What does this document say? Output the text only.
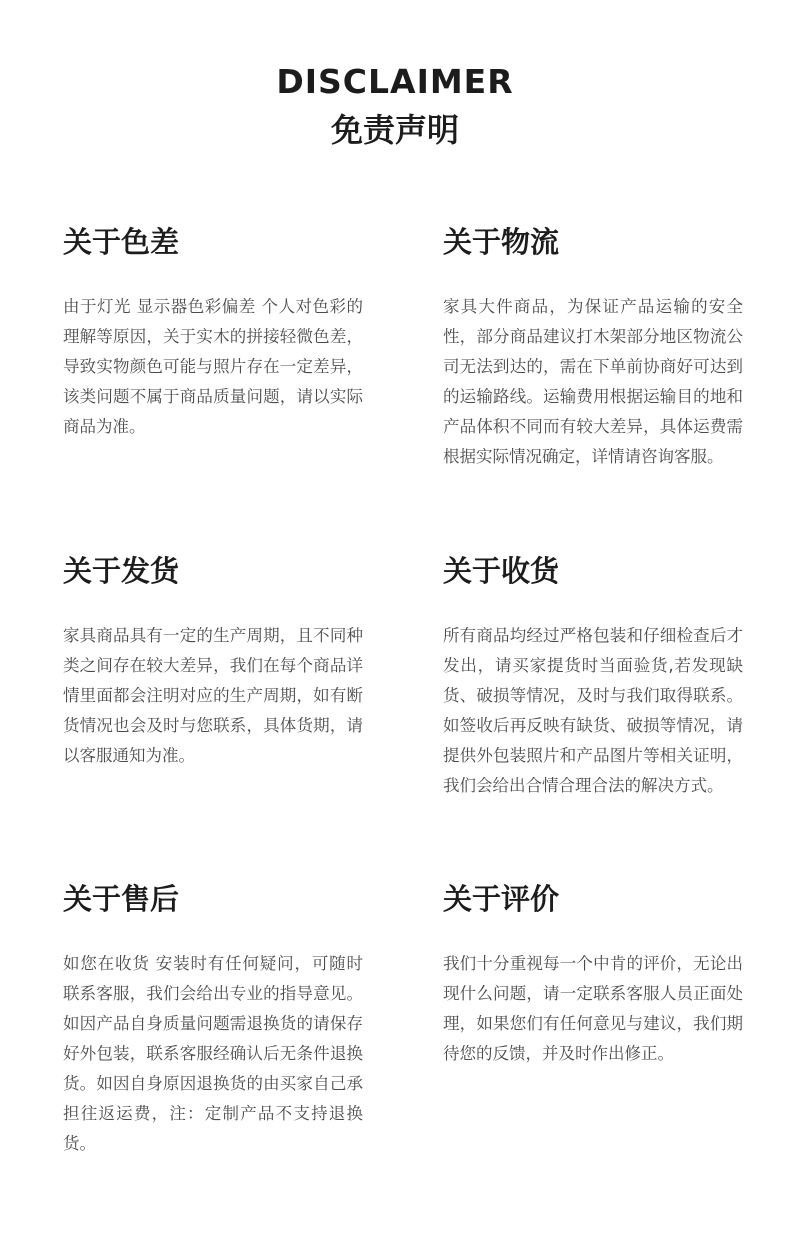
DISCLAIMER
免责声明
关于色差
由于灯光 显示器色彩偏差 个人对色彩的理解等原因，关于实木的拼接轻微色差，导致实物颜色可能与照片存在一定差异，该类问题不属于商品质量问题，请以实际商品为准。
关于物流
家具大件商品，为保证产品运输的安全性，部分商品建议打木架部分地区物流公司无法到达的，需在下单前协商好可达到的运输路线。运输费用根据运输目的地和产品体积不同而有较大差异，具体运费需根据实际情况确定，详情请咨询客服。
关于发货
家具商品具有一定的生产周期，且不同种类之间存在较大差异，我们在每个商品详情里面都会注明对应的生产周期，如有断货情况也会及时与您联系，具体货期，请以客服通知为准。
关于收货
所有商品均经过严格包装和仔细检查后才发出，请买家提货时当面验货,若发现缺货、破损等情况，及时与我们取得联系。如签收后再反映有缺货、破损等情况，请提供外包装照片和产品图片等相关证明，我们会给出合情合理合法的解决方式。
关于售后
如您在收货 安装时有任何疑问，可随时联系客服，我们会给出专业的指导意见。如因产品自身质量问题需退换货的请保存好外包装，联系客服经确认后无条件退换货。如因自身原因退换货的由买家自己承担往返运费，注：定制产品不支持退换货。
关于评价
我们十分重视每一个中肯的评价，无论出现什么问题，请一定联系客服人员正面处理，如果您们有任何意见与建议，我们期待您的反馈，并及时作出修正。
